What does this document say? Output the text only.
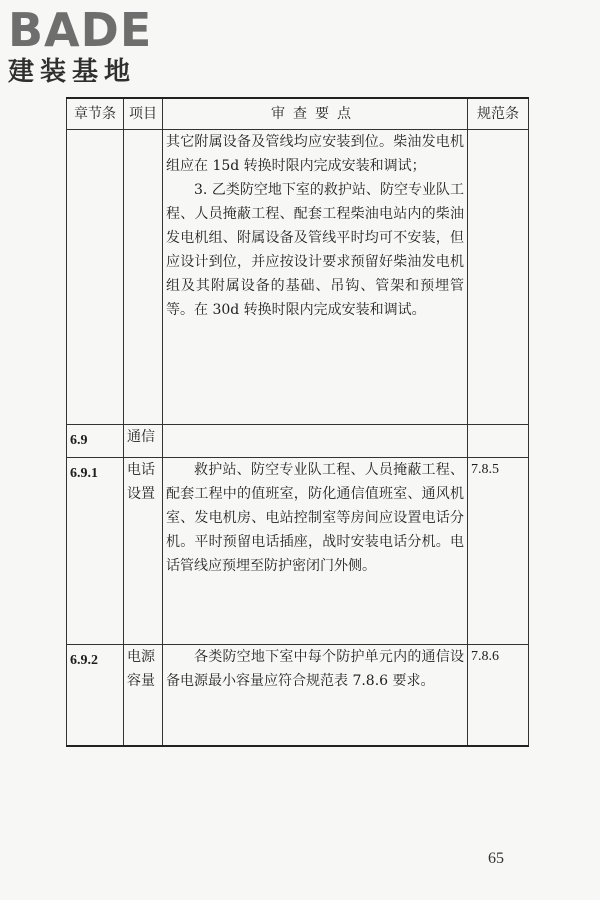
BADE
建装基地
章节条	项目	审查要点	规范条

		其它附属设备及管线均应安装到位。柴油发电机组应在 15d 转换时限内完成安装和调试；
3. 乙类防空地下室的救护站、防空专业队工程、人员掩蔽工程、配套工程柴油电站内的柴油发电机组、附属设备及管线平时均可不安装，但应设计到位，并应按设计要求预留好柴油发电机组及其附属设备的基础、吊钩、管架和预埋管等。在 30d 转换时限内完成安装和调试。	

6.9	通信		
6.9.1	电话设置	救护站、防空专业队工程、人员掩蔽工程、配套工程中的值班室，防化通信值班室、通风机室、发电机房、电站控制室等房间应设置电话分机。平时预留电话插座，战时安装电话分机。电话管线应预埋至防护密闭门外侧。	7.8.5
6.9.2	电源容量	各类防空地下室中每个防护单元内的通信设备电源最小容量应符合规范表 7.8.6 要求。	7.8.6
65
